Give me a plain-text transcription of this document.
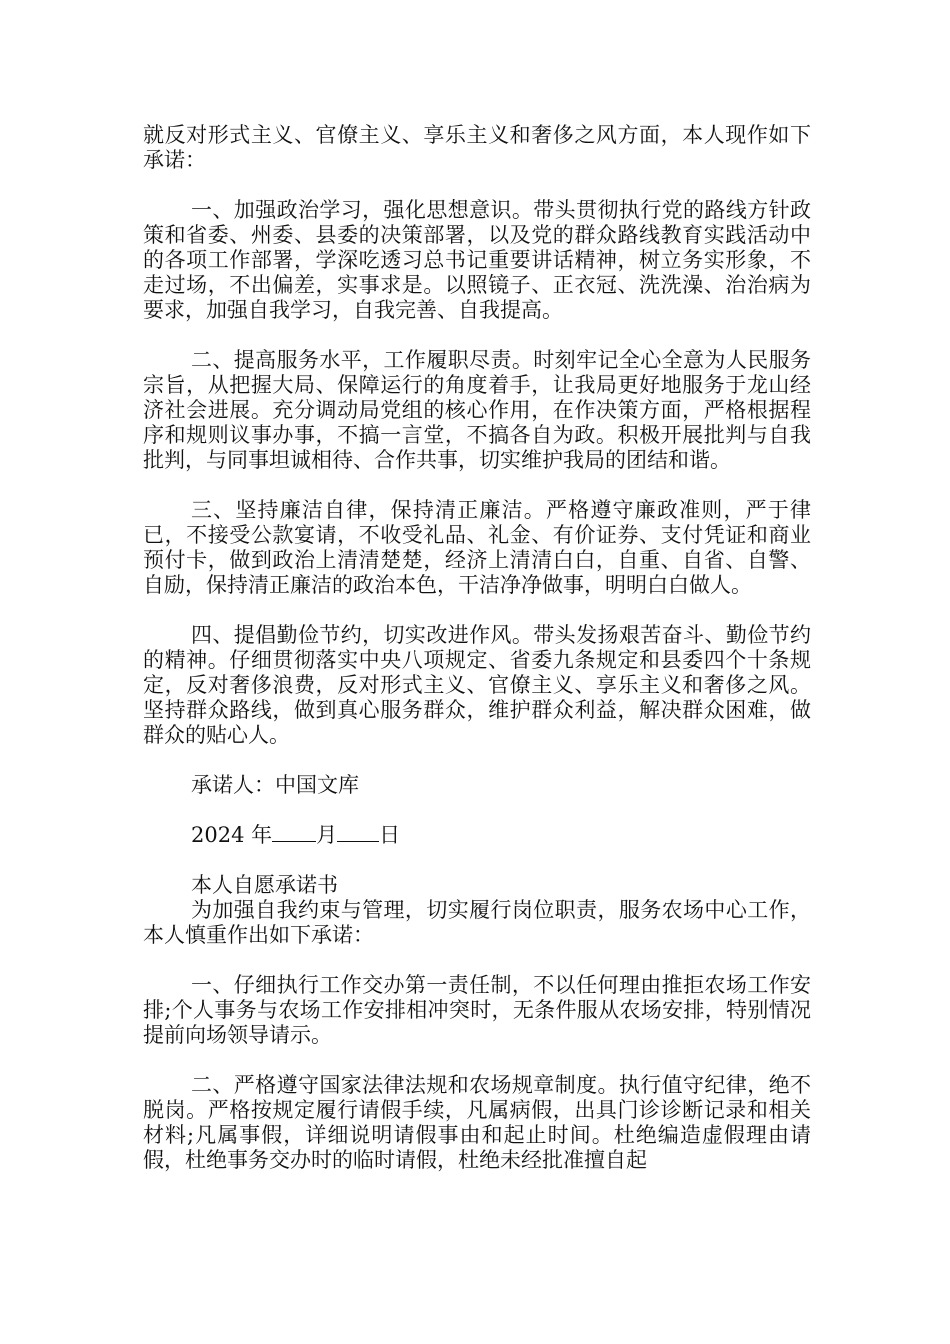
就反对形式主义、官僚主义、享乐主义和奢侈之风方面，本人现作如下承诺：

一、加强政治学习，强化思想意识。带头贯彻执行党的路线方针政策和省委、州委、县委的决策部署，以及党的群众路线教育实践活动中的各项工作部署，学深吃透习总书记重要讲话精神，树立务实形象，不走过场，不出偏差，实事求是。以照镜子、正衣冠、洗洗澡、治治病为要求，加强自我学习，自我完善、自我提高。

二、提高服务水平，工作履职尽责。时刻牢记全心全意为人民服务宗旨，从把握大局、保障运行的角度着手，让我局更好地服务于龙山经济社会进展。充分调动局党组的核心作用，在作决策方面，严格根据程序和规则议事办事，不搞一言堂，不搞各自为政。积极开展批判与自我批判，与同事坦诚相待、合作共事，切实维护我局的团结和谐。

三、坚持廉洁自律，保持清正廉洁。严格遵守廉政准则，严于律已，不接受公款宴请，不收受礼品、礼金、有价证券、支付凭证和商业预付卡，做到政治上清清楚楚，经济上清清白白，自重、自省、自警、自励，保持清正廉洁的政治本色，干洁净净做事，明明白白做人。

四、提倡勤俭节约，切实改进作风。带头发扬艰苦奋斗、勤俭节约的精神。仔细贯彻落实中央八项规定、省委九条规定和县委四个十条规定，反对奢侈浪费，反对形式主义、官僚主义、享乐主义和奢侈之风。坚持群众路线，做到真心服务群众，维护群众利益，解决群众困难，做群众的贴心人。

承诺人：中国文库

2024 年 月 日

本人自愿承诺书

为加强自我约束与管理，切实履行岗位职责，服务农场中心工作，本人慎重作出如下承诺：

一、仔细执行工作交办第一责任制，不以任何理由推拒农场工作安排;个人事务与农场工作安排相冲突时，无条件服从农场安排，特别情况提前向场领导请示。

二、严格遵守国家法律法规和农场规章制度。执行值守纪律，绝不脱岗。严格按规定履行请假手续，凡属病假，出具门诊诊断记录和相关材料;凡属事假，详细说明请假事由和起止时间。杜绝编造虚假理由请假，杜绝事务交办时的临时请假，杜绝未经批准擅自起
